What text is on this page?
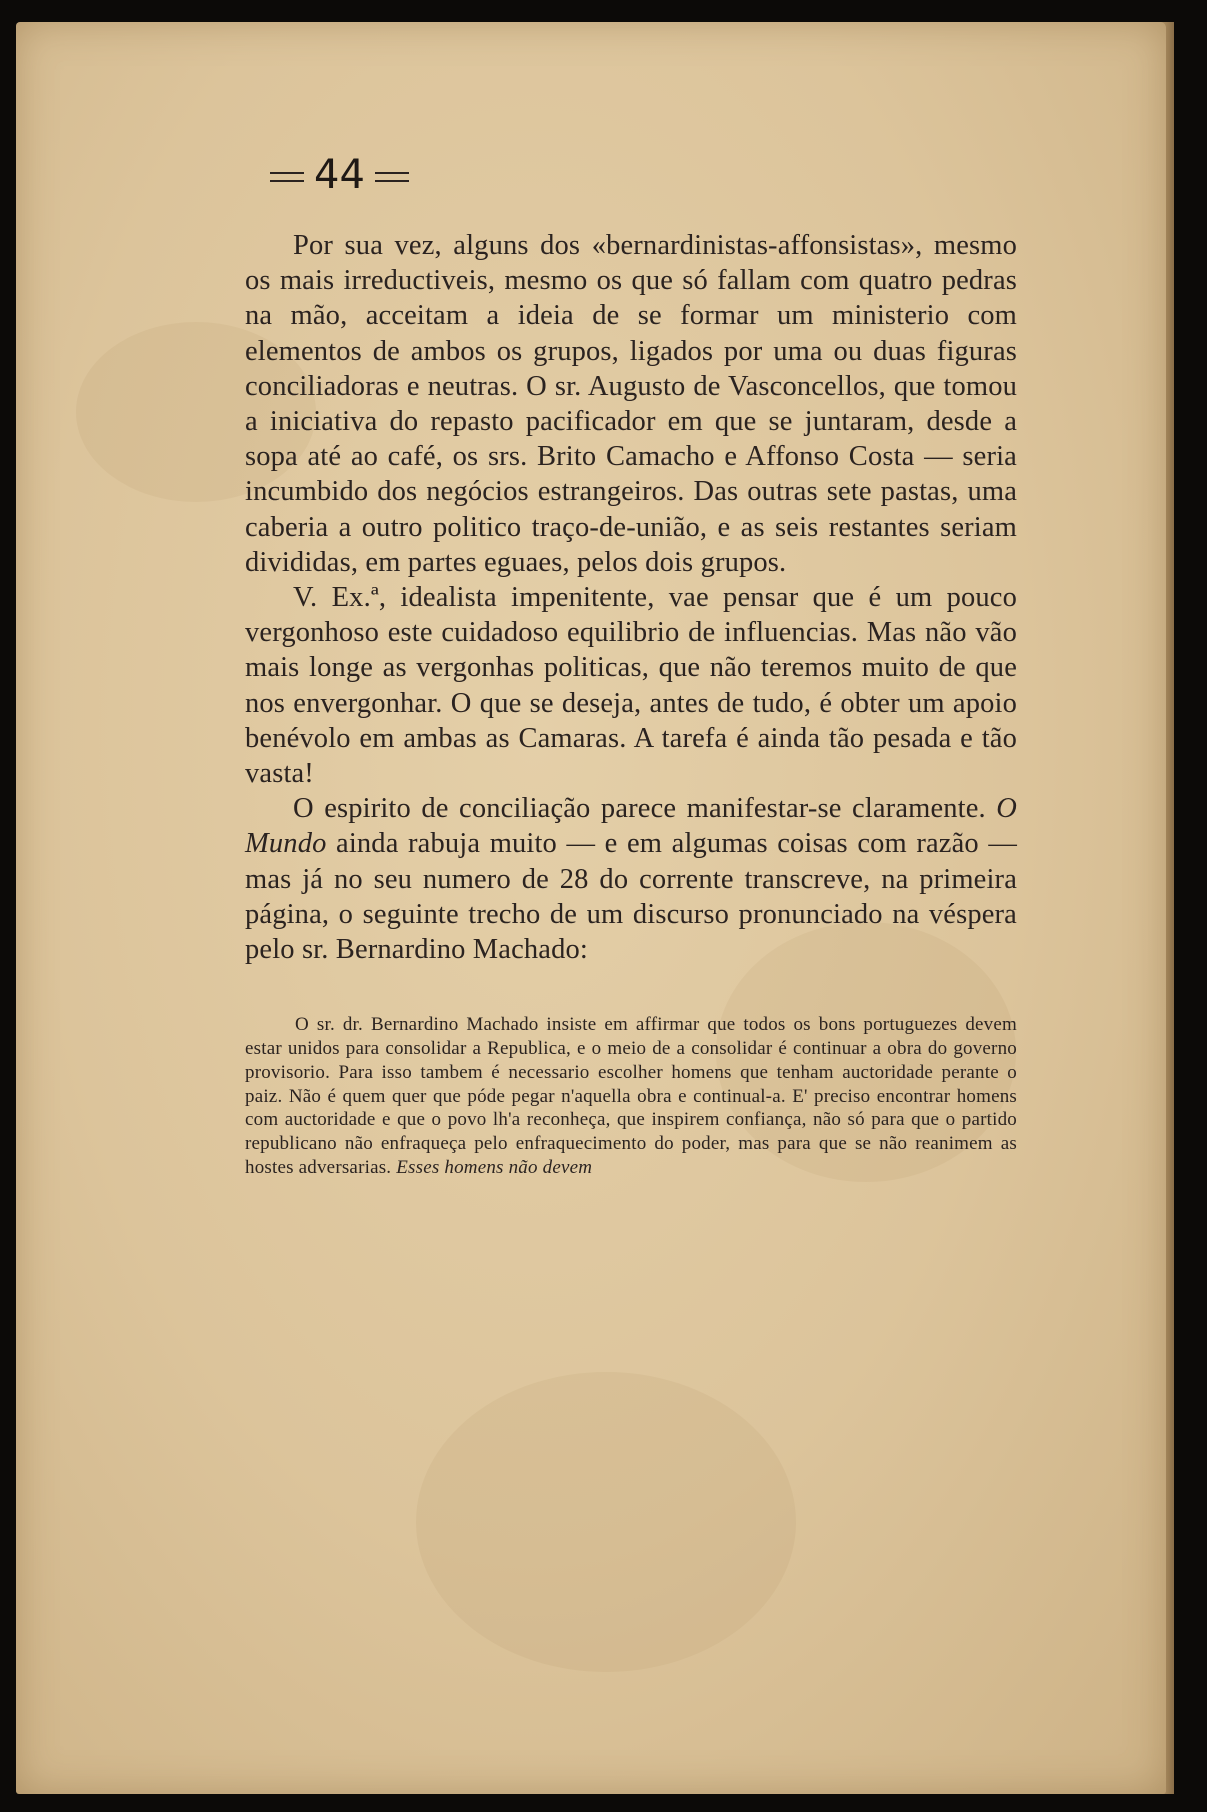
44

Por sua vez, alguns dos «bernardinistas-affonsistas», mesmo os mais irreductiveis, mesmo os que só fallam com quatro pedras na mão, acceitam a ideia de se formar um ministerio com elementos de ambos os grupos, ligados por uma ou duas figuras conciliadoras e neutras. O sr. Augusto de Vasconcellos, que tomou a iniciativa do repasto pacificador em que se juntaram, desde a sopa até ao café, os srs. Brito Camacho e Affonso Costa — seria incumbido dos negócios estrangeiros. Das outras sete pastas, uma caberia a outro politico traço-de-união, e as seis restantes seriam divididas, em partes eguaes, pelos dois grupos.

V. Ex.ª, idealista impenitente, vae pensar que é um pouco vergonhoso este cuidadoso equilibrio de influencias. Mas não vão mais longe as vergonhas politicas, que não teremos muito de que nos envergonhar. O que se deseja, antes de tudo, é obter um apoio benévolo em ambas as Camaras. A tarefa é ainda tão pesada e tão vasta!

O espirito de conciliação parece manifestar-se claramente. O Mundo ainda rabuja muito — e em algumas coisas com razão — mas já no seu numero de 28 do corrente transcreve, na primeira página, o seguinte trecho de um discurso pronunciado na véspera pelo sr. Bernardino Machado:

O sr. dr. Bernardino Machado insiste em affirmar que todos os bons portuguezes devem estar unidos para consolidar a Republica, e o meio de a consolidar é continuar a obra do governo provisorio. Para isso tambem é necessario escolher homens que tenham auctoridade perante o paiz. Não é quem quer que póde pegar n'aquella obra e continual-a. E' preciso encontrar homens com auctoridade e que o povo lh'a reconheça, que inspirem confiança, não só para que o partido republicano não enfraqueça pelo enfraquecimento do poder, mas para que se não reanimem as hostes adversarias. Esses homens não devem
